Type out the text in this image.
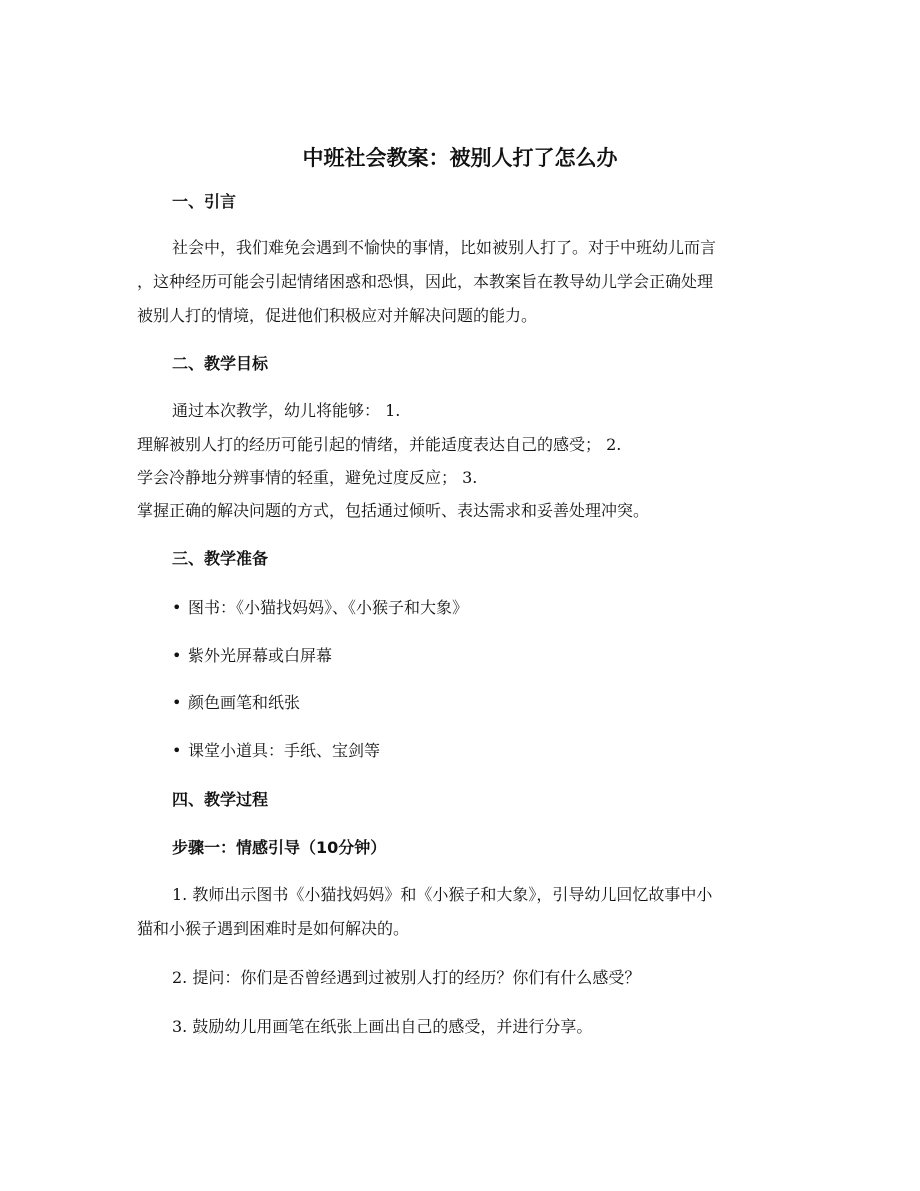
中班社会教案：被别人打了怎么办
一、引言
社会中，我们难免会遇到不愉快的事情，比如被别人打了。对于中班幼儿而言
，这种经历可能会引起情绪困惑和恐惧，因此，本教案旨在教导幼儿学会正确处理
被别人打的情境，促进他们积极应对并解决问题的能力。
二、教学目标
通过本次教学，幼儿将能够： 1.
理解被别人打的经历可能引起的情绪，并能适度表达自己的感受； 2.
学会冷静地分辨事情的轻重，避免过度反应； 3.
掌握正确的解决问题的方式，包括通过倾听、表达需求和妥善处理冲突。
三、教学准备
• 图书：《小猫找妈妈》、《小猴子和大象》
• 紫外光屏幕或白屏幕
• 颜色画笔和纸张
• 课堂小道具：手纸、宝剑等
四、教学过程
步骤一：情感引导（10分钟）
1. 教师出示图书《小猫找妈妈》和《小猴子和大象》，引导幼儿回忆故事中小
猫和小猴子遇到困难时是如何解决的。
2. 提问：你们是否曾经遇到过被别人打的经历？你们有什么感受？
3. 鼓励幼儿用画笔在纸张上画出自己的感受，并进行分享。
